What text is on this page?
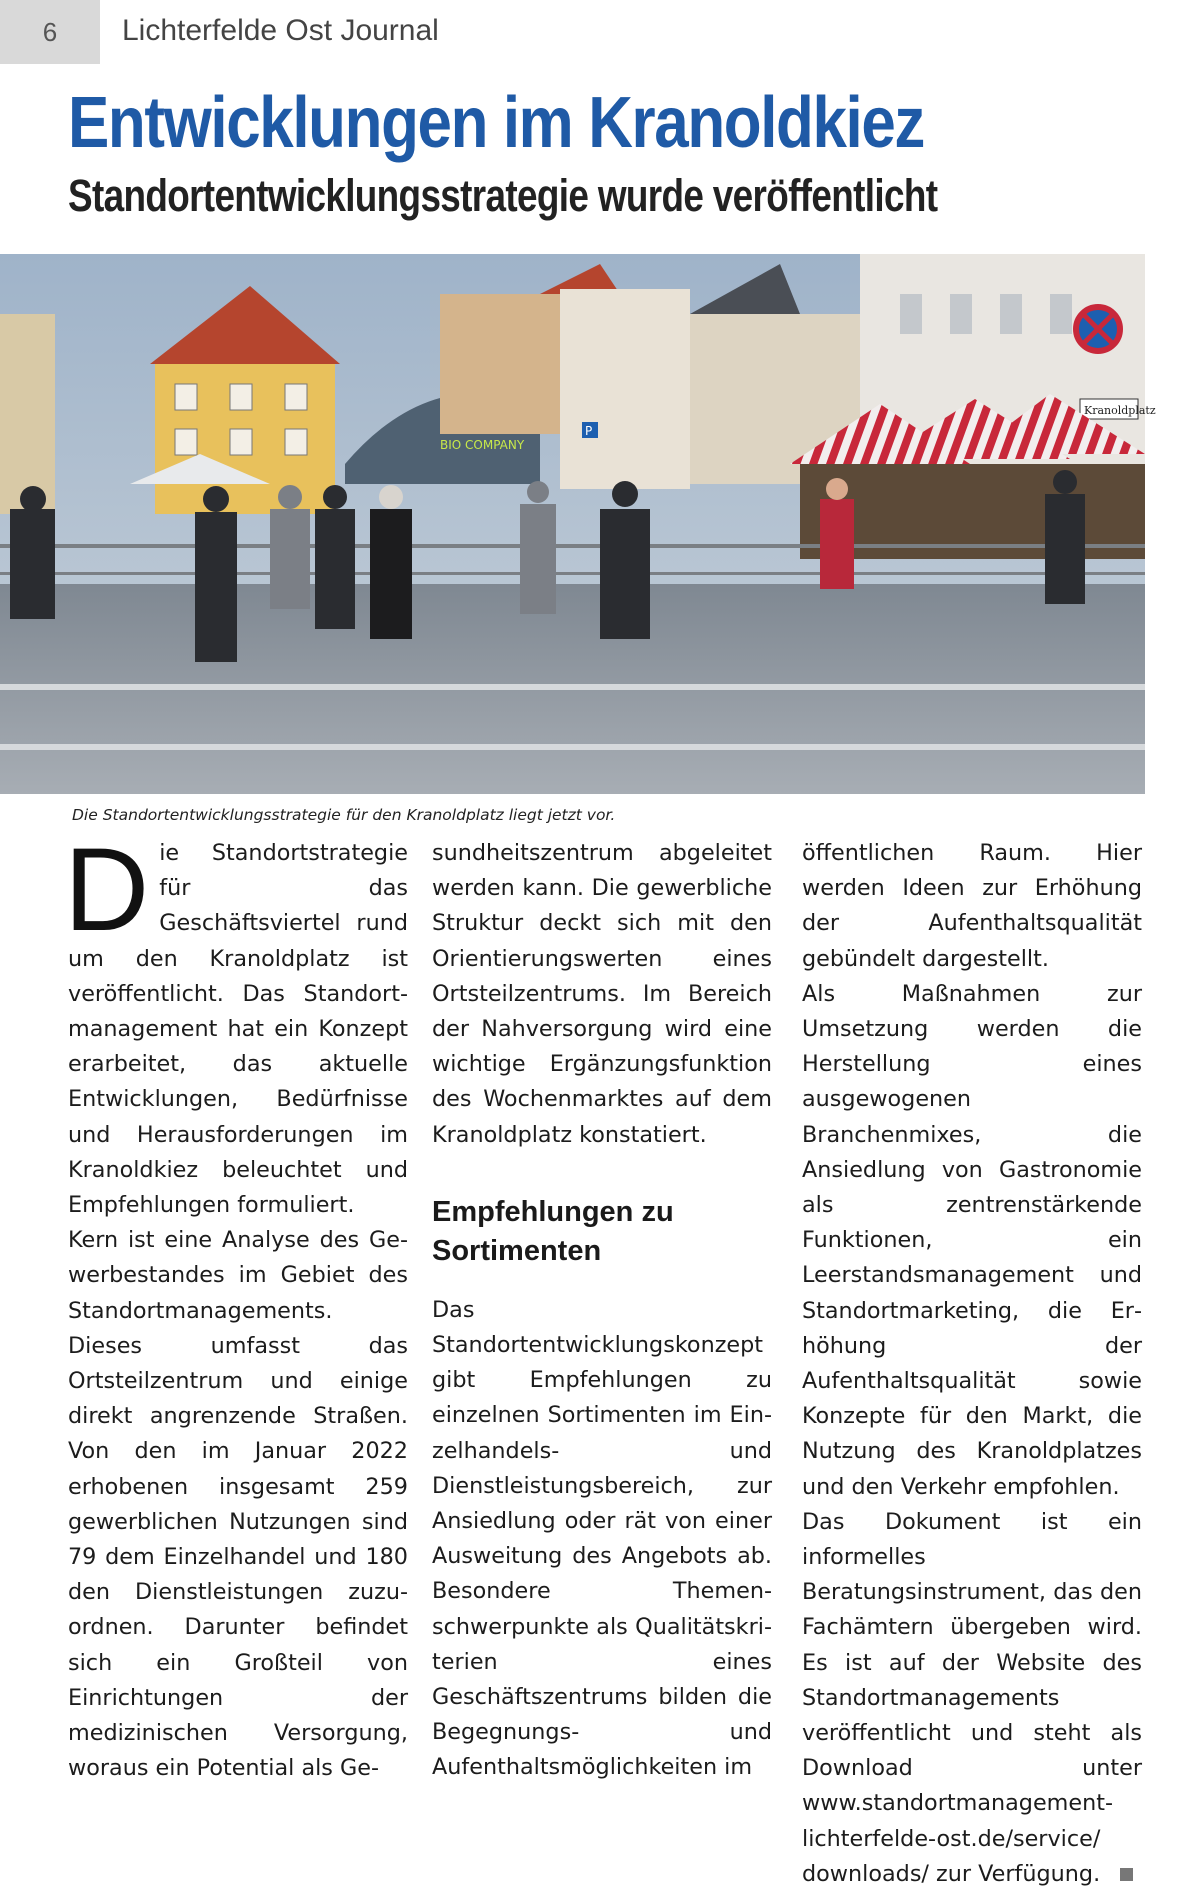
6	Lichterfelde Ost Journal
Entwicklungen im Kranoldkiez
Standortentwicklungsstrategie wurde veröffentlicht
BIO COMPANY
Kranoldplatz
P
Die Standortentwicklungsstrategie für den Kranoldplatz liegt jetzt vor.
D ie Standortstrategie für das Geschäftsviertel rund um den Kranoldplatz ist veröffentlicht. Das Standortmanagement hat ein Konzept erarbeitet, das aktuelle Entwicklungen, Bedürfnisse und Herausforderungen im Kranoldkiez beleuchtet und Empfehlungen formuliert.

Kern ist eine Analyse des Gewerbestandes im Gebiet des Standortmanagements. Dieses umfasst das Ortsteilzentrum und einige direkt angrenzende Straßen. Von den im Januar 2022 erhobenen insgesamt 259 gewerblichen Nutzungen sind 79 dem Einzelhandel und 180 den Dienstleistungen zuzuordnen. Darunter befindet sich ein Großteil von Einrichtungen der medizinischen Versorgung, woraus ein Potential als Ge-

sundheitszentrum abgeleitet werden kann. Die gewerbliche Struktur deckt sich mit den Orientierungswerten eines Ortsteilzentrums. Im Bereich der Nahversorgung wird eine wichtige Ergänzungsfunktion des Wochenmarktes auf dem Kranoldplatz konstatiert.

Empfehlungen zu Sortimenten

Das Standortentwicklungskonzept gibt Empfehlungen zu einzelnen Sortimenten im Einzelhandels- und Dienstleistungsbereich, zur Ansiedlung oder rät von einer Ausweitung des Angebots ab. Besondere Themenschwerpunkte als Qualitätskriterien eines Geschäftszentrums bilden die Begegnungs- und Aufenthaltsmöglichkeiten im

öffentlichen Raum. Hier werden Ideen zur Erhöhung der Aufenthaltsqualität gebündelt dargestellt.

Als Maßnahmen zur Umsetzung werden die Herstellung eines ausgewogenen Branchenmixes, die Ansiedlung von Gastronomie als zentrenstärkende Funktionen, ein Leerstandsmanagement und Standortmarketing, die Erhöhung der Aufenthaltsqualität sowie Konzepte für den Markt, die Nutzung des Kranoldplatzes und den Verkehr empfohlen.

Das Dokument ist ein informelles Beratungsinstrument, das den Fachämtern übergeben wird. Es ist auf der Website des Standortmanagements veröffentlicht und steht als Download unter www.standortmanagementlichterfelde-ost.de/service/ downloads/ zur Verfügung.
